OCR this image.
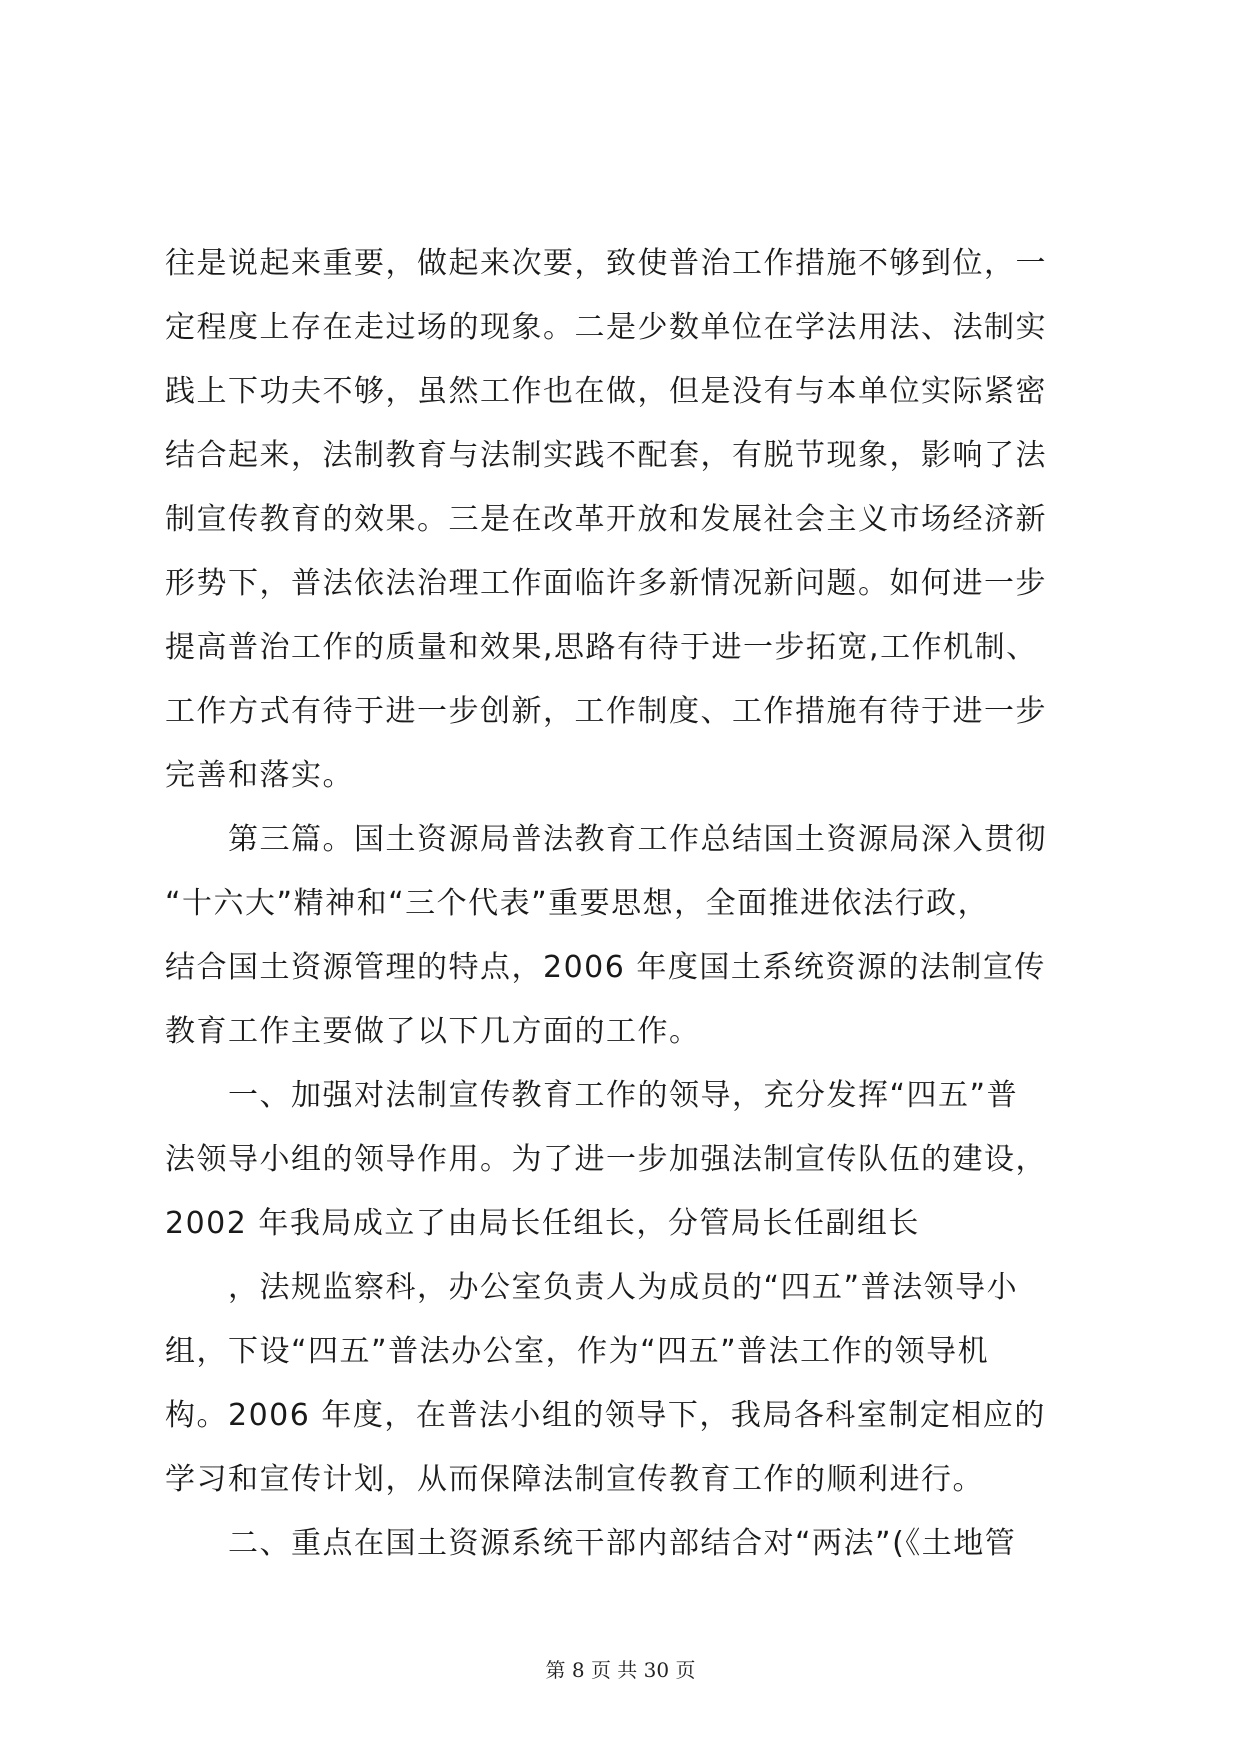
往是说起来重要，做起来次要，致使普治工作措施不够到位，一
定程度上存在走过场的现象。二是少数单位在学法用法、法制实
践上下功夫不够，虽然工作也在做，但是没有与本单位实际紧密
结合起来，法制教育与法制实践不配套，有脱节现象，影响了法
制宣传教育的效果。三是在改革开放和发展社会主义市场经济新
形势下，普法依法治理工作面临许多新情况新问题。如何进一步
提高普治工作的质量和效果,思路有待于进一步拓宽,工作机制、
工作方式有待于进一步创新，工作制度、工作措施有待于进一步
完善和落实。
　　第三篇。国土资源局普法教育工作总结国土资源局深入贯彻
“十六大”精神和“三个代表”重要思想，全面推进依法行政，
结合国土资源管理的特点，2006 年度国土系统资源的法制宣传
教育工作主要做了以下几方面的工作。
　　一、加强对法制宣传教育工作的领导，充分发挥“四五”普
法领导小组的领导作用。为了进一步加强法制宣传队伍的建设，
2002 年我局成立了由局长任组长，分管局长任副组长
　　，法规监察科，办公室负责人为成员的“四五”普法领导小
组，下设“四五”普法办公室，作为“四五”普法工作的领导机
构。2006 年度，在普法小组的领导下，我局各科室制定相应的
学习和宣传计划，从而保障法制宣传教育工作的顺利进行。
　　二、重点在国土资源系统干部内部结合对“两法”(《土地管
第 8 页 共 30 页
